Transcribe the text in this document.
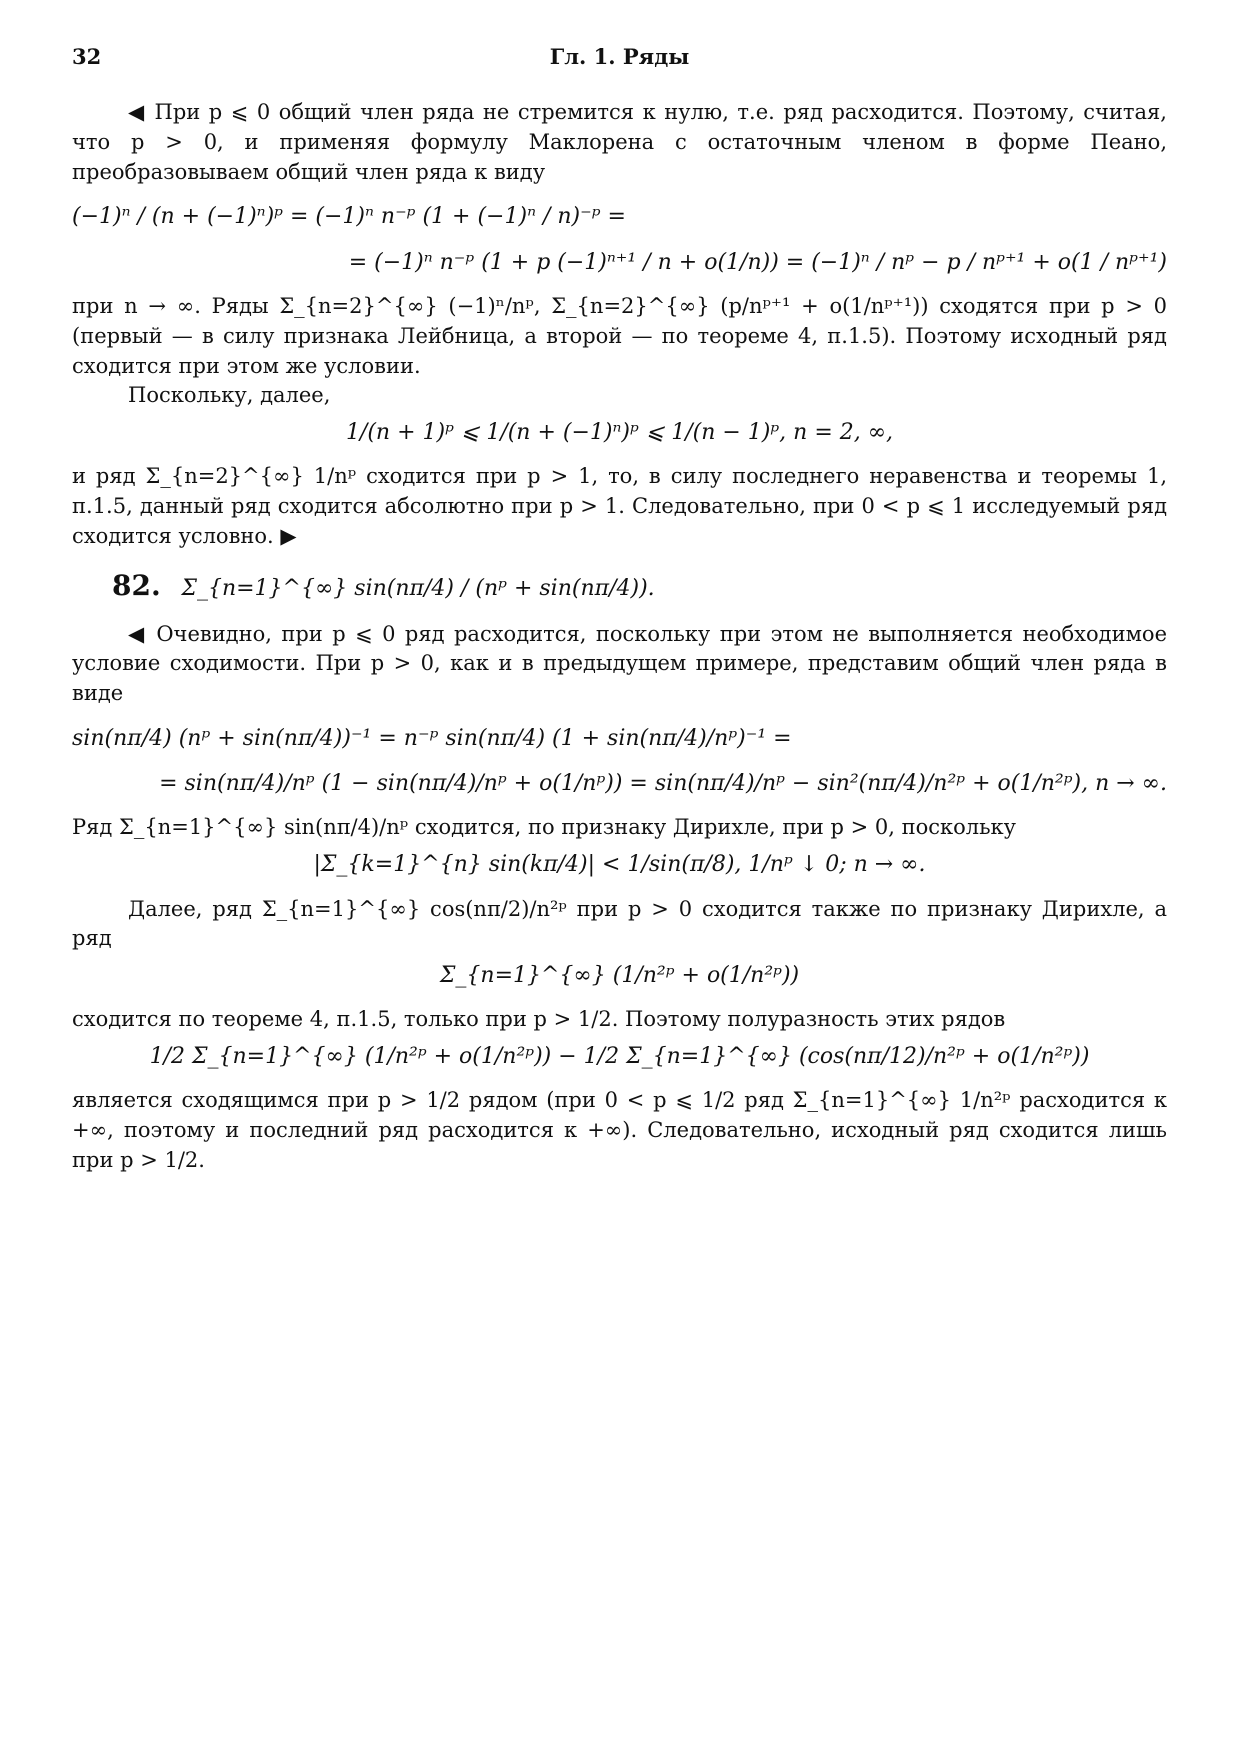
32	Гл. 1. Ряды

◀ При p ⩽ 0 общий член ряда не стремится к нулю, т.е. ряд расходится. Поэтому, считая, что p > 0, и применяя формулу Маклорена с остаточным членом в форме Пеано, преобразовываем общий член ряда к виду

(−1)ⁿ / (n + (−1)ⁿ)ᵖ = (−1)ⁿ n⁻ᵖ (1 + (−1)ⁿ / n)⁻ᵖ =
= (−1)ⁿ n⁻ᵖ (1 + p (−1)ⁿ⁺¹ / n + o(1/n)) = (−1)ⁿ / nᵖ − p / nᵖ⁺¹ + o(1 / nᵖ⁺¹)

при n → ∞. Ряды Σ_{n=2}^{∞} (−1)ⁿ/nᵖ, Σ_{n=2}^{∞} (p/nᵖ⁺¹ + o(1/nᵖ⁺¹)) сходятся при p > 0 (первый — в силу признака Лейбница, а второй — по теореме 4, п.1.5). Поэтому исходный ряд сходится при этом же условии.

Поскольку, далее,

1/(n + 1)ᵖ ⩽ 1/(n + (−1)ⁿ)ᵖ ⩽ 1/(n − 1)ᵖ, n = 2, ∞,

и ряд Σ_{n=2}^{∞} 1/nᵖ сходится при p > 1, то, в силу последнего неравенства и теоремы 1, п.1.5, данный ряд сходится абсолютно при p > 1. Следовательно, при 0 < p ⩽ 1 исследуемый ряд сходится условно. ▶

82. Σ_{n=1}^{∞} sin(nπ/4) / (nᵖ + sin(nπ/4)).

◀ Очевидно, при p ⩽ 0 ряд расходится, поскольку при этом не выполняется необходимое условие сходимости. При p > 0, как и в предыдущем примере, представим общий член ряда в виде

sin(nπ/4) (nᵖ + sin(nπ/4))⁻¹ = n⁻ᵖ sin(nπ/4) (1 + sin(nπ/4)/nᵖ)⁻¹ =
= sin(nπ/4)/nᵖ (1 − sin(nπ/4)/nᵖ + o(1/nᵖ)) = sin(nπ/4)/nᵖ − sin²(nπ/4)/n²ᵖ + o(1/n²ᵖ), n → ∞.

Ряд Σ_{n=1}^{∞} sin(nπ/4)/nᵖ сходится, по признаку Дирихле, при p > 0, поскольку

|Σ_{k=1}^{n} sin(kπ/4)| < 1/sin(π/8), 1/nᵖ ↓ 0; n → ∞.

Далее, ряд Σ_{n=1}^{∞} cos(nπ/2)/n²ᵖ при p > 0 сходится также по признаку Дирихле, а ряд

Σ_{n=1}^{∞} (1/n²ᵖ + o(1/n²ᵖ))

сходится по теореме 4, п.1.5, только при p > 1/2. Поэтому полуразность этих рядов

1/2 Σ_{n=1}^{∞} (1/n²ᵖ + o(1/n²ᵖ)) − 1/2 Σ_{n=1}^{∞} (cos(nπ/12)/n²ᵖ + o(1/n²ᵖ))

является сходящимся при p > 1/2 рядом (при 0 < p ⩽ 1/2 ряд Σ_{n=1}^{∞} 1/n²ᵖ расходится к +∞, поэтому и последний ряд расходится к +∞). Следовательно, исходный ряд сходится лишь при p > 1/2.
